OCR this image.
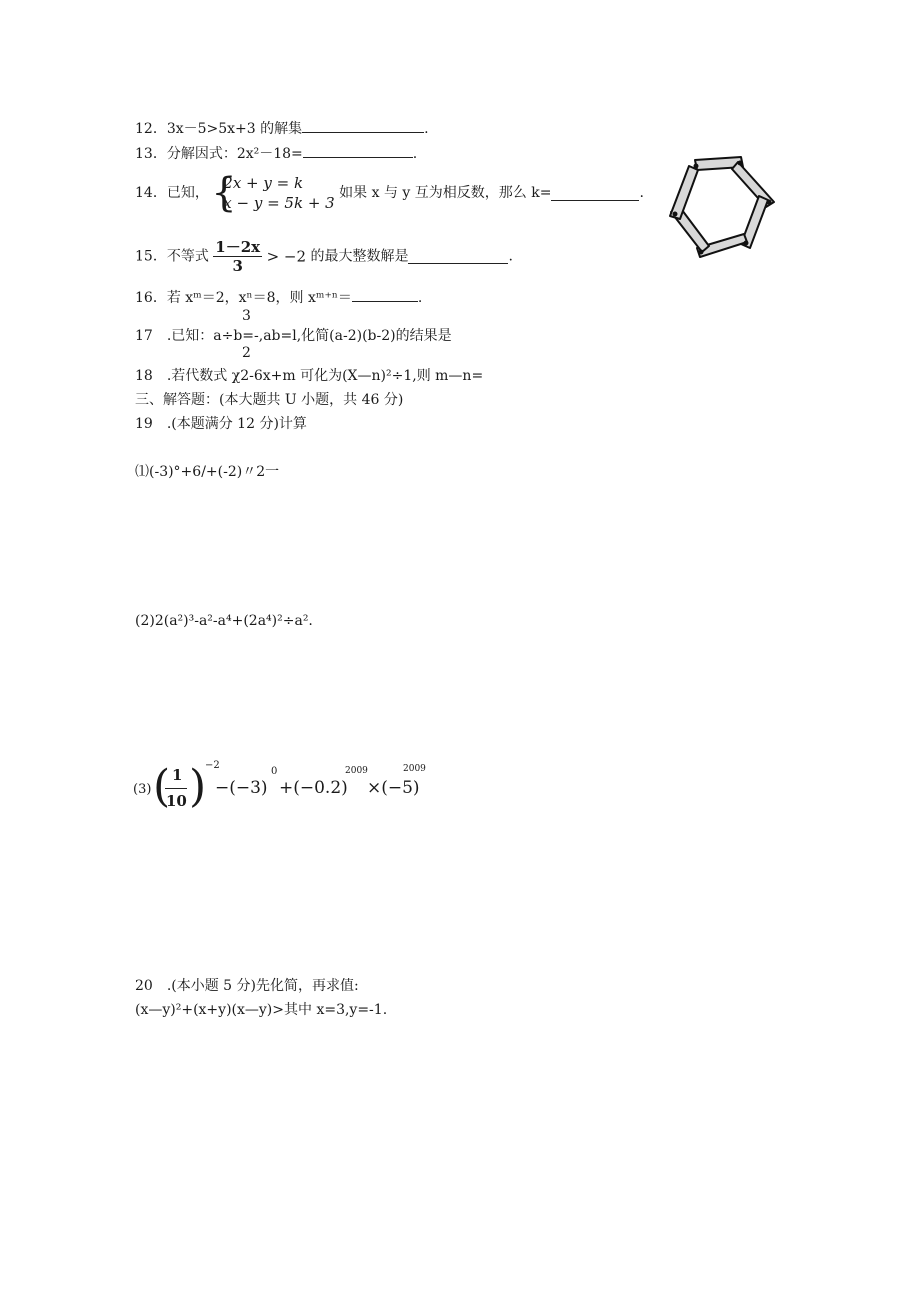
12．3x－5>5x+3 的解集	.
13．分解因式：2x²－18=	.
14．已知， {
2x + y = k
x − y = 5k + 3
如果 x 与 y 互为相反数，那么 k=	.
15．不等式 $\frac{1-2x}{3} > -2$ 的最大整数解是	.
16．若 xᵐ＝2，xⁿ＝8，则 xᵐ⁺ⁿ＝	.
3
17　.已知：a÷b=-,ab=l,化简(a-2)(b-2)的结果是
2
18　.若代数式 χ2-6x+m 可化为(X—n)²÷1,则 m—n=
三、解答题：(本大题共 U 小题，共 46 分)
19　.(本题满分 12 分)计算
⑴(-3)°+6/+(-2)〃2一
(2)2(a²)³-a²-a⁴+(2a⁴)²÷a².
(3) ( 1
10 )
−2
−(−3)
0
+(−0.2)
2009
×(−5)
2009
20　.(本小题 5 分)先化简，再求值:
(x—y)²+(x+y)(x—y)>其中 x=3,y=-1.
